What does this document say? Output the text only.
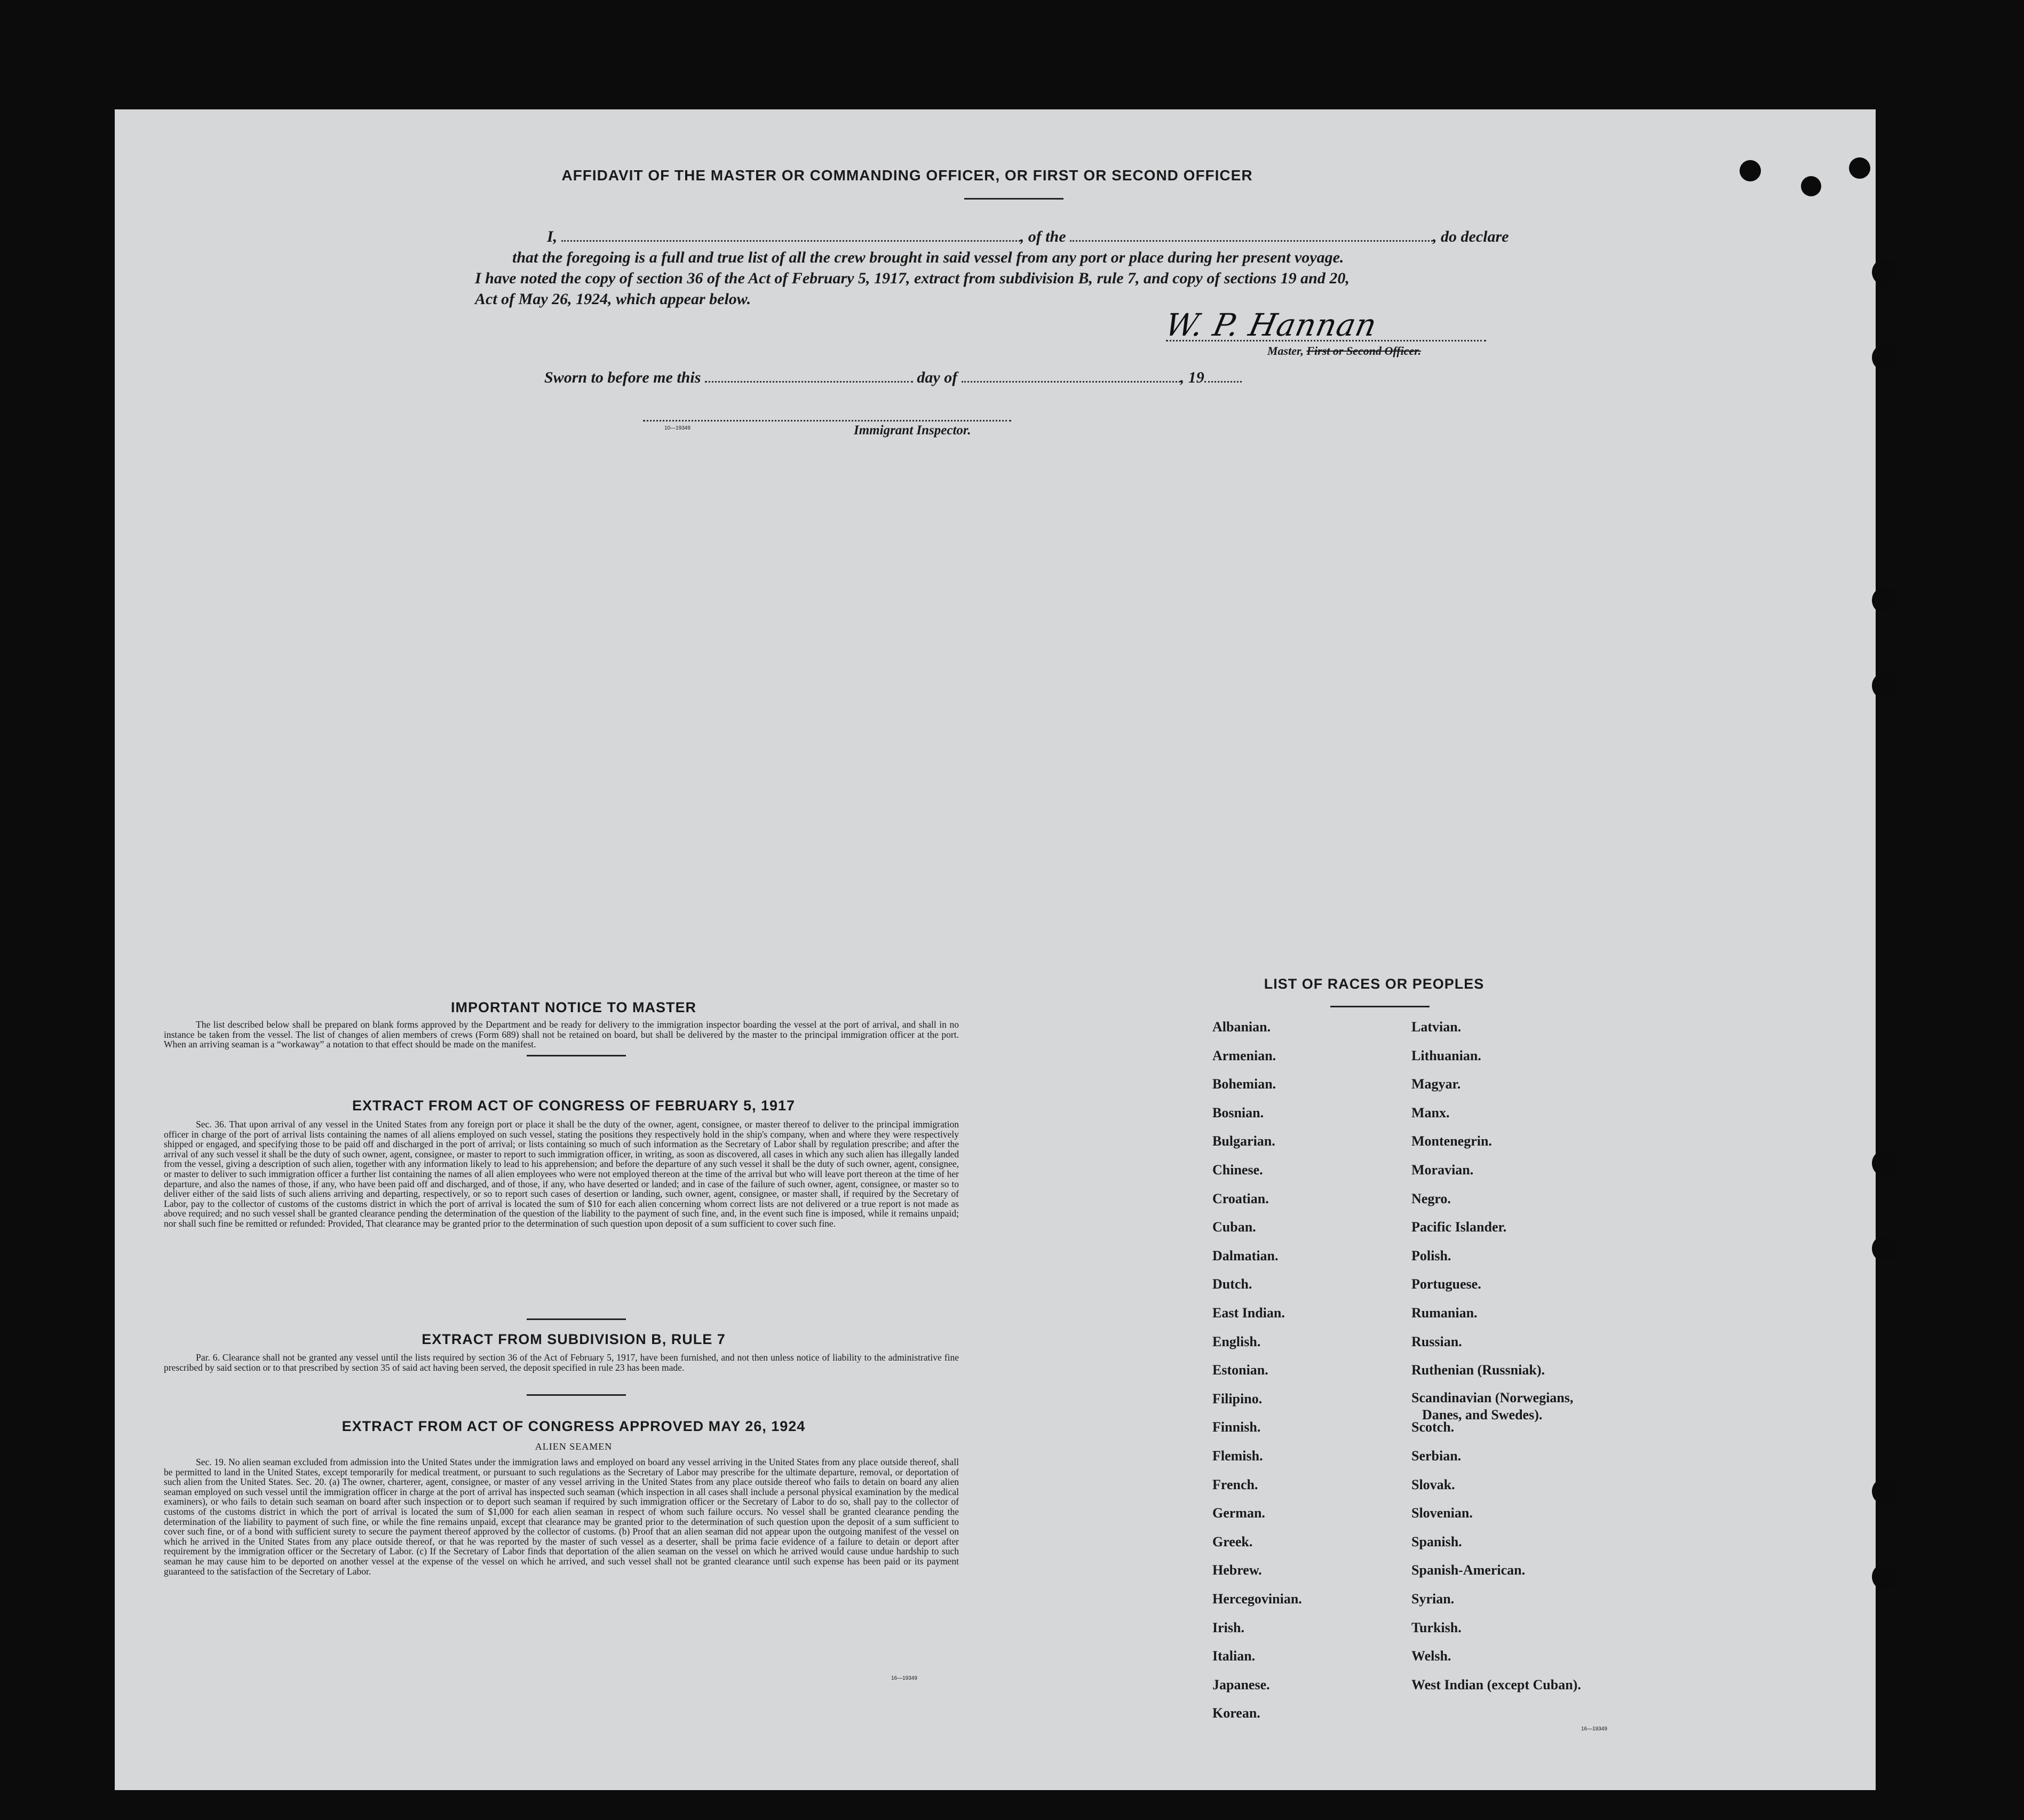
AFFIDAVIT OF THE MASTER OR COMMANDING OFFICER, OR FIRST OR SECOND OFFICER
I,	, of the	, do declare
that the foregoing is a full and true list of all the crew brought in said vessel from any port or place during her present voyage.
I have noted the copy of section 36 of the Act of February 5, 1917, extract from subdivision B, rule 7, and copy of sections 19 and 20,
Act of May 26, 1924, which appear below.
W. P. Hannan
Master, First or Second Officer.
Sworn to before me this	day of	, 19
10—19349	Immigrant Inspector.
IMPORTANT NOTICE TO MASTER
The list described below shall be prepared on blank forms approved by the Department and be ready for delivery to the immigration inspector boarding the vessel at the port of arrival, and shall in no instance be taken from the vessel. The list of changes of alien members of crews (Form 689) shall not be retained on board, but shall be delivered by the master to the principal immigration officer at the port. When an arriving seaman is a “workaway” a notation to that effect should be made on the manifest.
EXTRACT FROM ACT OF CONGRESS OF FEBRUARY 5, 1917
Sec. 36. That upon arrival of any vessel in the United States from any foreign port or place it shall be the duty of the owner, agent, consignee, or master thereof to deliver to the principal immigration officer in charge of the port of arrival lists containing the names of all aliens employed on such vessel, stating the positions they respectively hold in the ship's company, when and where they were respectively shipped or engaged, and specifying those to be paid off and discharged in the port of arrival; or lists containing so much of such information as the Secretary of Labor shall by regulation prescribe; and after the arrival of any such vessel it shall be the duty of such owner, agent, consignee, or master to report to such immigration officer, in writing, as soon as discovered, all cases in which any such alien has illegally landed from the vessel, giving a description of such alien, together with any information likely to lead to his apprehension; and before the departure of any such vessel it shall be the duty of such owner, agent, consignee, or master to deliver to such immigration officer a further list containing the names of all alien employees who were not employed thereon at the time of the arrival but who will leave port thereon at the time of her departure, and also the names of those, if any, who have been paid off and discharged, and of those, if any, who have deserted or landed; and in case of the failure of such owner, agent, consignee, or master so to deliver either of the said lists of such aliens arriving and departing, respectively, or so to report such cases of desertion or landing, such owner, agent, consignee, or master shall, if required by the Secretary of Labor, pay to the collector of customs of the customs district in which the port of arrival is located the sum of $10 for each alien concerning whom correct lists are not delivered or a true report is not made as above required; and no such vessel shall be granted clearance pending the determination of the question of the liability to the payment of such fine, and, in the event such fine is imposed, while it remains unpaid; nor shall such fine be remitted or refunded: Provided, That clearance may be granted prior to the determination of such question upon deposit of a sum sufficient to cover such fine.
EXTRACT FROM SUBDIVISION B, RULE 7
Par. 6. Clearance shall not be granted any vessel until the lists required by section 36 of the Act of February 5, 1917, have been furnished, and not then unless notice of liability to the administrative fine prescribed by said section or to that prescribed by section 35 of said act having been served, the deposit specified in rule 23 has been made.
EXTRACT FROM ACT OF CONGRESS APPROVED MAY 26, 1924
ALIEN SEAMEN
Sec. 19. No alien seaman excluded from admission into the United States under the immigration laws and employed on board any vessel arriving in the United States from any place outside thereof, shall be permitted to land in the United States, except temporarily for medical treatment, or pursuant to such regulations as the Secretary of Labor may prescribe for the ultimate departure, removal, or deportation of such alien from the United States. Sec. 20. (a) The owner, charterer, agent, consignee, or master of any vessel arriving in the United States from any place outside thereof who fails to detain on board any alien seaman employed on such vessel until the immigration officer in charge at the port of arrival has inspected such seaman (which inspection in all cases shall include a personal physical examination by the medical examiners), or who fails to detain such seaman on board after such inspection or to deport such seaman if required by such immigration officer or the Secretary of Labor to do so, shall pay to the collector of customs of the customs district in which the port of arrival is located the sum of $1,000 for each alien seaman in respect of whom such failure occurs. No vessel shall be granted clearance pending the determination of the liability to payment of such fine, or while the fine remains unpaid, except that clearance may be granted prior to the determination of such question upon the deposit of a sum sufficient to cover such fine, or of a bond with sufficient surety to secure the payment thereof approved by the collector of customs. (b) Proof that an alien seaman did not appear upon the outgoing manifest of the vessel on which he arrived in the United States from any place outside thereof, or that he was reported by the master of such vessel as a deserter, shall be prima facie evidence of a failure to detain or deport after requirement by the immigration officer or the Secretary of Labor. (c) If the Secretary of Labor finds that deportation of the alien seaman on the vessel on which he arrived would cause undue hardship to such seaman he may cause him to be deported on another vessel at the expense of the vessel on which he arrived, and such vessel shall not be granted clearance until such expense has been paid or its payment guaranteed to the satisfaction of the Secretary of Labor.
16—19349
LIST OF RACES OR PEOPLES
Albanian.
Armenian.
Bohemian.
Bosnian.
Bulgarian.
Chinese.
Croatian.
Cuban.
Dalmatian.
Dutch.
East Indian.
English.
Estonian.
Filipino.
Finnish.
Flemish.
French.
German.
Greek.
Hebrew.
Hercegovinian.
Irish.
Italian.
Japanese.
Korean.
Latvian.
Lithuanian.
Magyar.
Manx.
Montenegrin.
Moravian.
Negro.
Pacific Islander.
Polish.
Portuguese.
Rumanian.
Russian.
Ruthenian (Russniak).
Scandinavian (Norwegians,
Danes, and Swedes).
Scotch.
Serbian.
Slovak.
Slovenian.
Spanish.
Spanish-American.
Syrian.
Turkish.
Welsh.
West Indian (except Cuban).
16—19349
